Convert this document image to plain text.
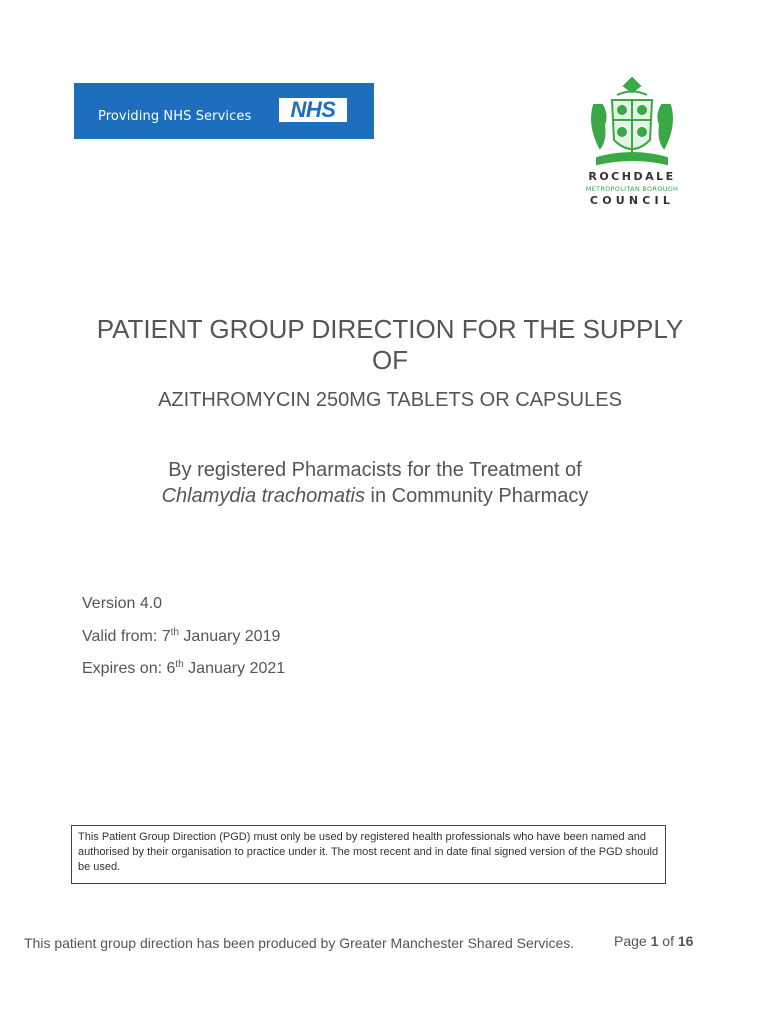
Providing NHS Services NHS
ROCHDALE
METROPOLITAN BOROUGH
COUNCIL
PATIENT GROUP DIRECTION FOR THE SUPPLY OF
AZITHROMYCIN 250MG TABLETS OR CAPSULES
By registered Pharmacists for the Treatment of Chlamydia trachomatis in Community Pharmacy
Version 4.0
Valid from: 7th January 2019
Expires on: 6th January 2021
This Patient Group Direction (PGD) must only be used by registered health professionals who have been named and authorised by their organisation to practice under it. The most recent and in date final signed version of the PGD should be used.
This patient group direction has been produced by Greater Manchester Shared Services.	Page 1 of 16
